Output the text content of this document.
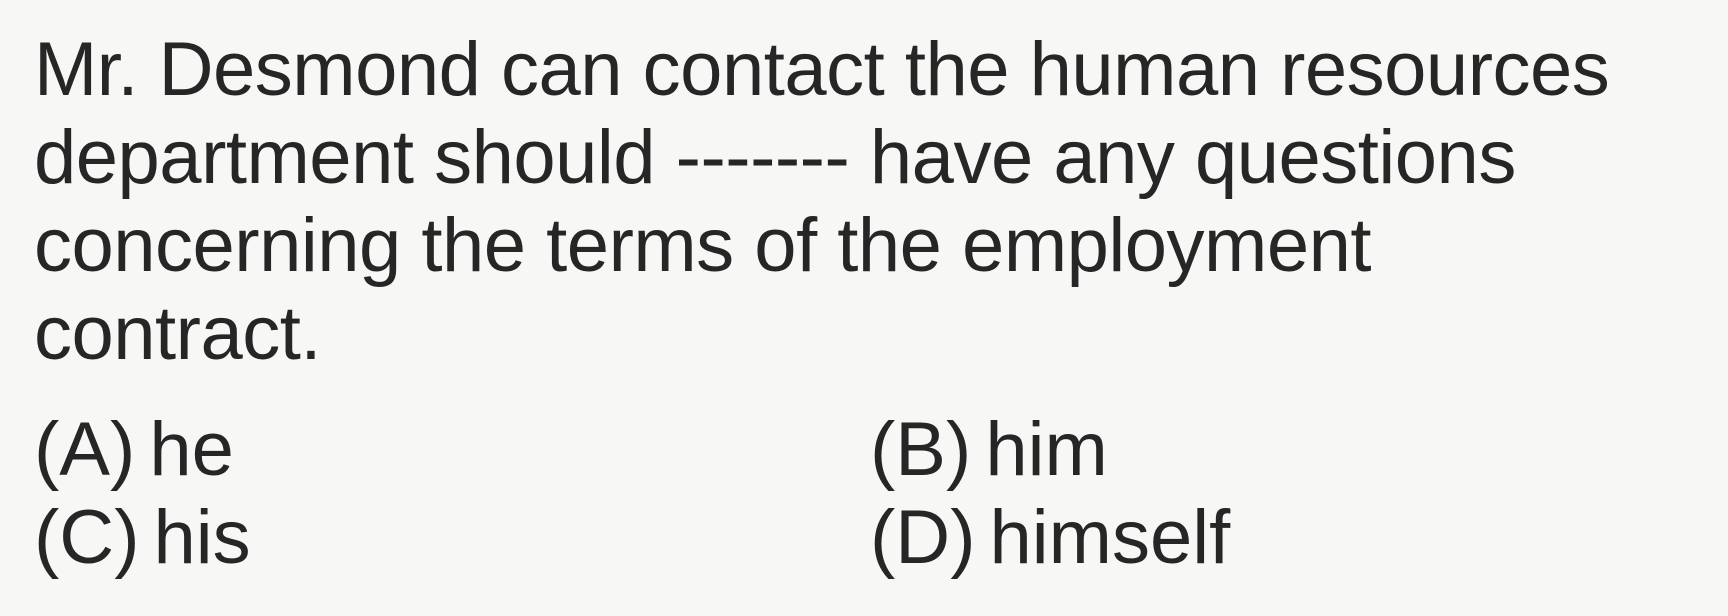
Mr. Desmond can contact the human resources
department should ------- have any questions
concerning the terms of the employment
contract.
(A) he	(B) him
(C) his	(D) himself
